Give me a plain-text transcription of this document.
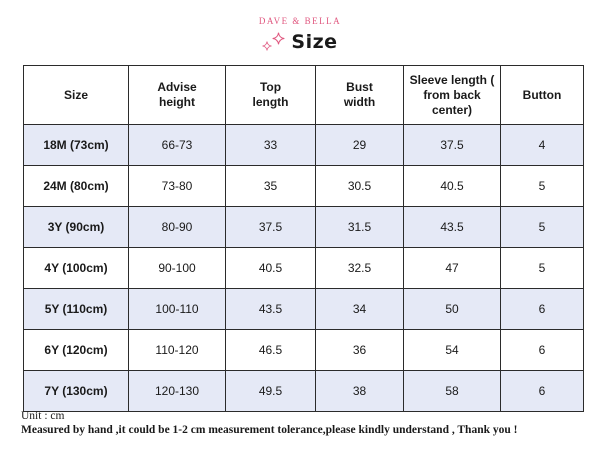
DAVE & BELLA
Size
Size	Advise height	Top length	Bust width	Sleeve length ( from back center)	Button
18M (73cm)	66-73	33	29	37.5	4
24M (80cm)	73-80	35	30.5	40.5	5
3Y (90cm)	80-90	37.5	31.5	43.5	5
4Y (100cm)	90-100	40.5	32.5	47	5
5Y (110cm)	100-110	43.5	34	50	6
6Y (120cm)	110-120	46.5	36	54	6
7Y (130cm)	120-130	49.5	38	58	6
Unit : cm
Measured by hand ,it could be 1-2 cm measurement tolerance,please kindly understand , Thank you !
